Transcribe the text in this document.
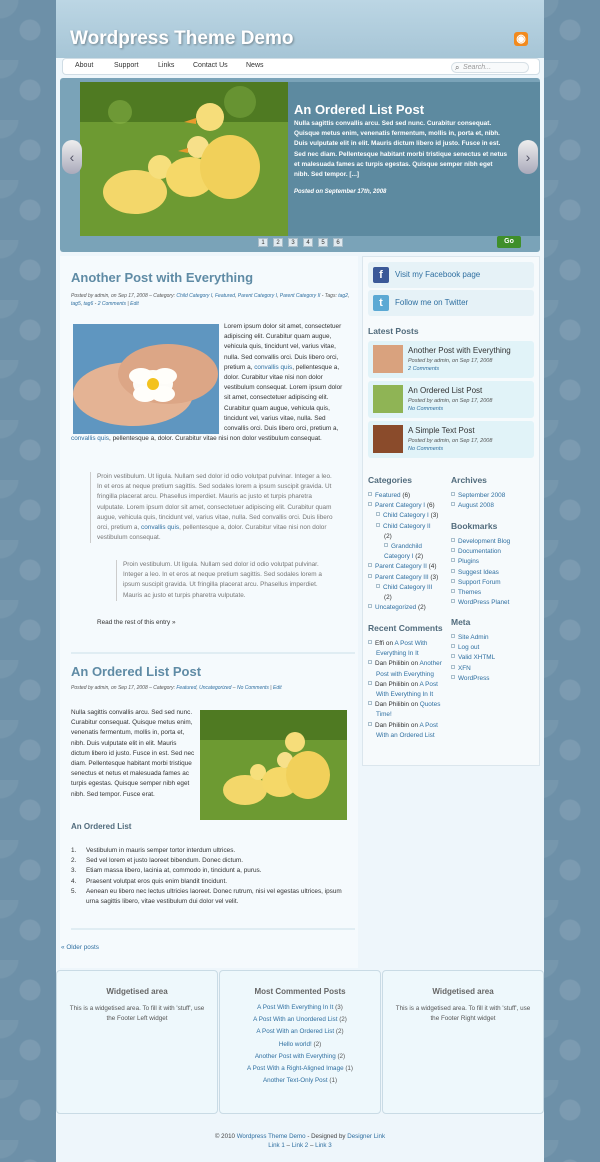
Wordpress Theme Demo	◉
About	Support	Links	Contact Us	News	⌕ Search...
An Ordered List Post
Nulla sagittis convallis arcu. Sed sed nunc. Curabitur consequat. Quisque metus enim, venenatis fermentum, mollis in, porta et, nibh. Duis vulputate elit in elit. Mauris dictum libero id justo. Fusce in est. Sed nec diam. Pellentesque habitant morbi tristique senectus et netus et malesuada fames ac turpis egestas. Quisque semper nibh eget nibh. Sed tempor. [...]
Posted on September 17th, 2008
‹	›
1	2	3	4	5	6	Go
Another Post with Everything
Posted by admin, on Sep 17, 2008 – Category: Child Category I, Featured, Parent Category I, Parent Category II - Tags: tag2, tag5, tag6 - 2 Comments | Edit
Lorem ipsum dolor sit amet, consectetuer adipiscing elit. Curabitur quam augue, vehicula quis, tincidunt vel, varius vitae, nulla. Sed convallis orci. Duis libero orci, pretium a, convallis quis, pellentesque a, dolor. Curabitur vitae nisi non dolor vestibulum consequat. Lorem ipsum dolor sit amet, consectetuer adipiscing elit. Curabitur quam augue, vehicula quis, tincidunt vel, varius vitae, nulla. Sed convallis orci. Duis libero orci, pretium a,
convallis quis, pellentesque a, dolor. Curabitur vitae nisi non dolor vestibulum consequat.
Proin vestibulum. Ut ligula. Nullam sed dolor id odio volutpat pulvinar. Integer a leo. In et eros at neque pretium sagittis. Sed sodales lorem a ipsum suscipit gravida. Ut fringilla placerat arcu. Phasellus imperdiet. Mauris ac justo et turpis pharetra vulputate. Lorem ipsum dolor sit amet, consectetuer adipiscing elit. Curabitur quam augue, vehicula quis, tincidunt vel, varius vitae, nulla. Sed convallis orci. Duis libero orci, pretium a, convallis quis, pellentesque a, dolor. Curabitur vitae nisi non dolor vestibulum consequat.
Proin vestibulum. Ut ligula. Nullam sed dolor id odio volutpat pulvinar. Integer a leo. In et eros at neque pretium sagittis. Sed sodales lorem a ipsum suscipit gravida. Ut fringilla placerat arcu. Phasellus imperdiet. Mauris ac justo et turpis pharetra vulputate.
Read the rest of this entry »
An Ordered List Post
Posted by admin, on Sep 17, 2008 – Category: Featured, Uncategorized – No Comments | Edit
Nulla sagittis convallis arcu. Sed sed nunc. Curabitur consequat. Quisque metus enim, venenatis fermentum, mollis in, porta et, nibh. Duis vulputate elit in elit. Mauris dictum libero id justo. Fusce in est. Sed nec diam. Pellentesque habitant morbi tristique senectus et netus et malesuada fames ac turpis egestas. Quisque semper nibh eget nibh. Sed tempor. Fusce erat.
An Ordered List
1. Vestibulum in mauris semper tortor interdum ultrices.
2. Sed vel lorem et justo laoreet bibendum. Donec dictum.
3. Etiam massa libero, lacinia at, commodo in, tincidunt a, purus.
4. Praesent volutpat eros quis enim blandit tincidunt.
5. Aenean eu libero nec lectus ultricies laoreet. Donec rutrum, nisi vel egestas ultrices, ipsum urna sagittis libero, vitae vestibulum dui dolor vel velit.
« Older posts
f	Visit my Facebook page
t	Follow me on Twitter
Latest Posts
Another Post with Everything
Posted by admin, on Sep 17, 2008
2 Comments
An Ordered List Post
Posted by admin, on Sep 17, 2008
No Comments
A Simple Text Post
Posted by admin, on Sep 17, 2008
No Comments
Categories
Featured (6)
Parent Category I (6)
Child Category I (3)
Child Category II
(2)
Grandchild Category I (2)
Parent Category II (4)
Parent Category III (3)
Child Category III
(2)
Uncategorized (2)
Archives
September 2008
August 2008
Bookmarks
Development Blog
Documentation
Plugins
Suggest Ideas
Support Forum
Themes
WordPress Planet
Meta
Site Admin
Log out
Valid XHTML
XFN
WordPress
Recent Comments
Effi on A Post With Everything In It
Dan Philibin on Another Post with Everything
Dan Philibin on A Post With Everything In It
Dan Philibin on Quotes Time!
Dan Philibin on A Post With an Ordered List
Widgetised area

This is a widgetised area. To fill it with 'stuff', use the Footer Left widget

Most Commented Posts
A Post With Everything In It (3)
A Post With an Unordered List (2)
A Post With an Ordered List (2)
Hello world! (2)
Another Post with Everything (2)
A Post With a Right-Aligned Image (1)
Another Text-Only Post (1)
Widgetised area

This is a widgetised area. To fill it with 'stuff', use the Footer Right widget

© 2010 Wordpress Theme Demo - Designed by Designer Link
Link 1 – Link 2 – Link 3
